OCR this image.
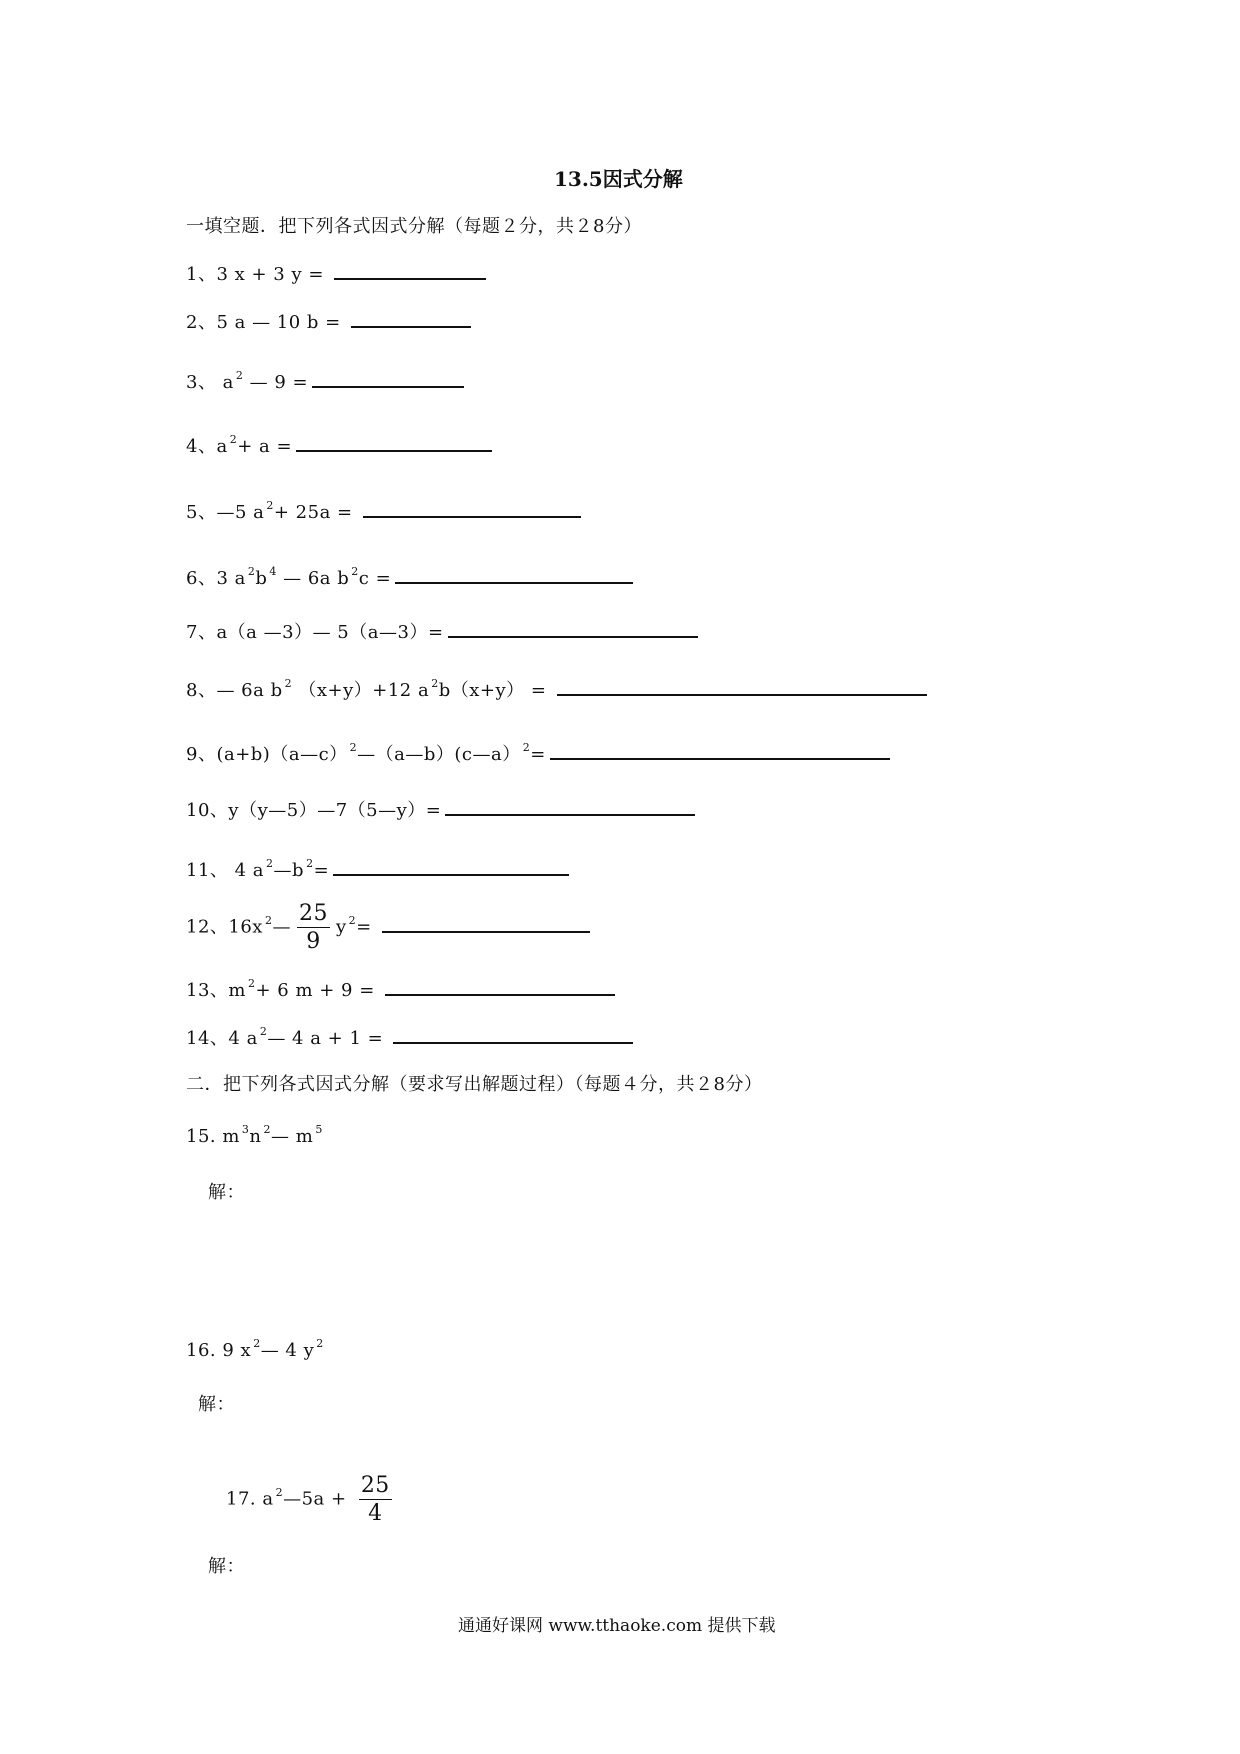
13.5因式分解
一填空题．把下列各式因式分解（每题２分，共２8分）
1、3 x + 3 y =
2、5 a — 10 b =
3、 a $^2$ — 9 =
4、a $^2$+ a =
5、—5 a $^2$+ 25a =
6、3 a $^2$b $^4$ — 6a b $^2$c =
7、a（a —3）— 5（a—3）=
8、— 6a b $^2$ （x+y）+12 a $^2$b（x+y） =
9、(a+b)（a—c） $^2$—（a—b）(c—a） $^2$=
10、y（y—5）—7（5—y）=
11、 4 a $^2$—b $^2$=
12、16x $^2$— $\frac{25}{9}$ y $^2$=
13、m $^2$+ 6 m + 9 =
14、4 a $^2$— 4 a + 1 =
二．把下列各式因式分解（要求写出解题过程）（每题４分，共２8分）
15. m $^3$n $^2$— m $^5$
解：
16. 9 x $^2$— 4 y $^2$
解：
17. a $^2$—5a + $\frac{25}{4}$
解：
通通好课网 www.tthaoke.com 提供下载
